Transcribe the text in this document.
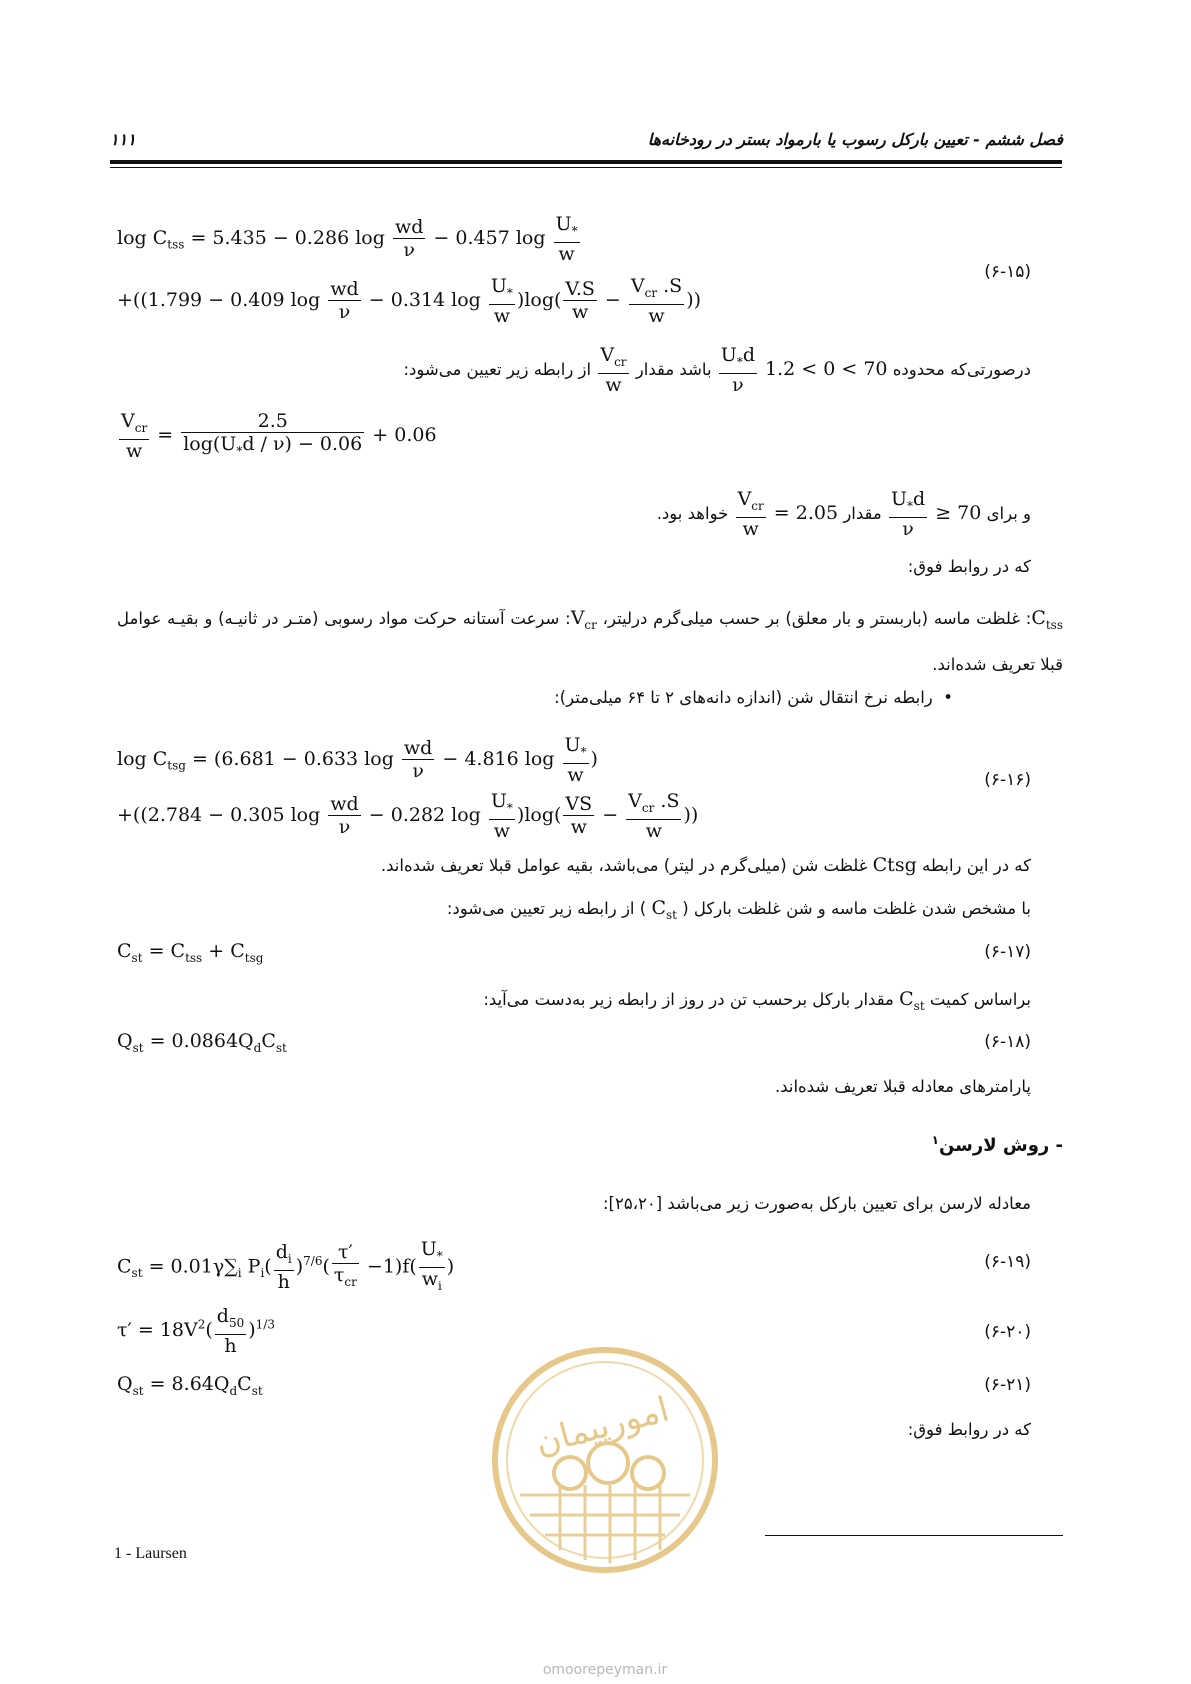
۱۱۱	فصل ششم - تعیین بارکل رسوب یا بارمواد بستر در رودخانه‌ها
$\log C_{tss} = 5.435 - 0.286$ $\log \frac{wd}{\nu} - 0.457$ $\log \frac{U_*}{w}$
+((1.799 − 0.409 $\log \frac{wd}{\nu} - 0.314$ $\log \frac{U_*}{w} )\log( \frac{V.S}{w}$ −
$V_{cr}$ .S
w
))
(۶-۱۵)
درصورتی‌که محدوده 70 > 0 > 1.2
$\frac{U_*d}{\nu}$
باشد مقدار
$V_{cr}$
w
از رابطه زیر تعیین می‌شود:
$V_{cr}$
w
= $\frac{2.5}{\log(U_*d / \nu) - 0.06} + 0.06$
و برای 70 ≤
$\frac{U_*d}{\nu}$
مقدار 2.05 =
$V_{cr}$
w
خواهد بود.
که در روابط فوق:
$C_{tss}$: غلظت ماسه (باربستر و بار معلق) بر حسب میلی‌گرم درلیتر، $V_{cr}$: سرعت آستانه حرکت مواد رسوبی (متـر در ثانیـه) و بقیـه عوامل قبلا تعریف شده‌اند.
•  رابطه نرخ انتقال شن (اندازه دانه‌های ۲ تا ۶۴ میلی‌متر):
$\log C_{tsg} = (6.681 - 0.633$ $\log \frac{wd}{\nu} - 4.816$ $\log \frac{U_*}{w}$ )
+((2.784 − 0.305 $\log \frac{wd}{\nu} - 0.282$ $\log \frac{U_*}{w} )\log( \frac{VS}{w}$ −
$V_{cr}$ .S
w
))
(۶-۱۶)
که در این رابطه Ctsg غلظت شن (میلی‌گرم در لیتر) می‌باشد، بقیه عوامل قبلا تعریف شده‌اند.
با مشخص شدن غلظت ماسه و شن غلظت بارکل ( $C_{st}$ ) از رابطه زیر تعیین می‌شود:
$C_{st} = C_{tss} + C_{tsg}$	(۶-۱۷)
براساس کمیت $C_{st}$ مقدار بارکل برحسب تن در روز از رابطه زیر به‌دست می‌آید:
$Q_{st} = 0.0864Q_dC_{st}$	(۶-۱۸)
پارامترهای معادله قبلا تعریف شده‌اند.
- روش لارسن$^۱$
معادله لارسن برای تعیین بارکل به‌صورت زیر می‌باشد [۲۵،۲۰]:
$C_{st} = 0.01\gamma\sum_i$ $P_i( \frac{d_i}{h} )^{7/6}$(
τ′
$\tau_{cr}$
$-1)f( \frac{U_*}{w_i}$ )	(۶-۱۹)
$\tau' = 18V^2( \frac{d_{50}}{h} )^{1/3}$	(۶-۲۰)
$Q_{st} = 8.64Q_dC_{st}$	(۶-۲۱)
که در روابط فوق:
امورپیمان
omoorepeyman.ir
1 - Laursen
